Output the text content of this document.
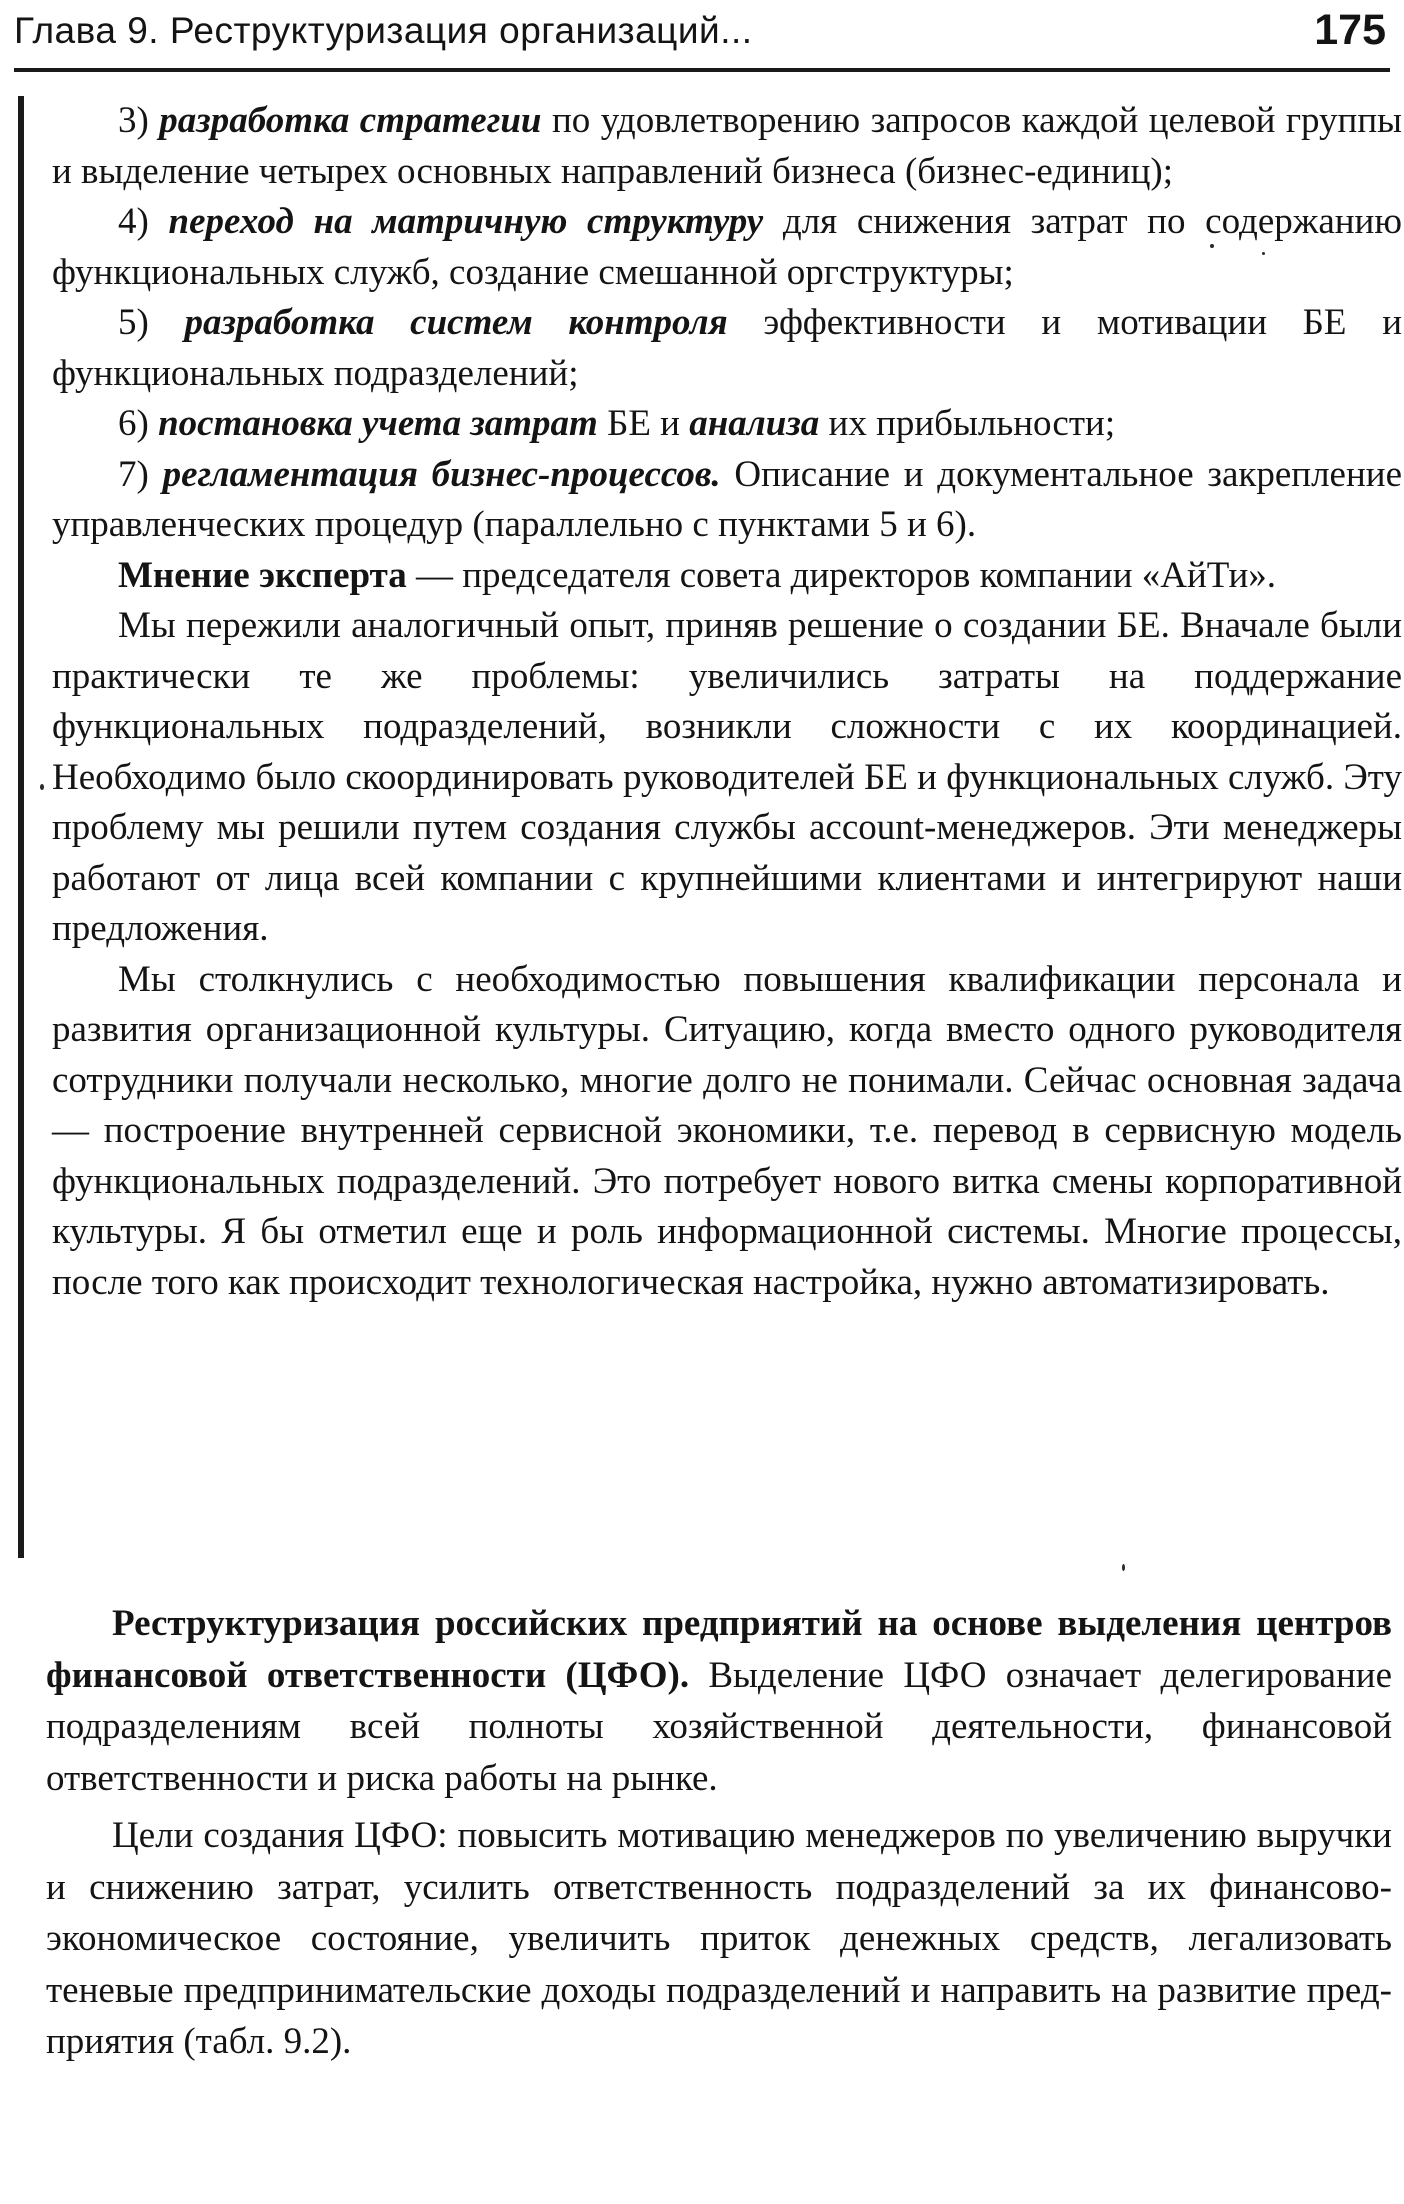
Глава 9. Реструктуризация организаций...	175

3) разработка стратегии по удовлетворению запросов каждой целевой группы и выделение четырех основных направлений бизнеса (бизнес-единиц);

4) переход на матричную структуру для снижения затрат по содержанию функциональных служб, создание смешанной оргструктуры;

5) разработка систем контроля эффективности и мотивации БЕ и функциональных подразделений;

6) постановка учета затрат БЕ и анализа их прибыльности;

7) регламентация бизнес-процессов. Описание и документальное закрепление управленческих процедур (параллельно с пунктами 5 и 6).

Мнение эксперта — председателя совета директоров компании «АйТи».

Мы пережили аналогичный опыт, приняв решение о создании БЕ. Вначале были практически те же проблемы: увеличились затраты на поддержание функциональных подразделений, возникли сложности с их координацией. Необходимо было скоординировать руководителей БЕ и функциональных служб. Эту проблему мы решили путем создания службы account-менеджеров. Эти менеджеры работают от лица всей компании с крупнейшими клиентами и интегрируют наши предложения.

Мы столкнулись с необходимостью повышения квалификации персонала и развития организационной культуры. Ситуацию, когда вместо одного руководителя сотрудники получали несколько, многие долго не понимали. Сейчас основная задача — построение внутренней сервисной экономики, т.е. перевод в сервисную модель функциональных подразделений. Это потребует нового витка смены корпоративной культуры. Я бы отметил еще и роль информационной системы. Многие процессы, после того как происходит технологическая настройка, нужно автоматизировать.

Реструктуризация российских предприятий на основе выделения центров финансовой ответственности (ЦФО). Выделение ЦФО означает делегирование подразделениям всей полноты хозяйственной деятельности, финансовой ответственности и риска работы на рынке.

Цели создания ЦФО: повысить мотивацию менеджеров по увеличению выручки и снижению затрат, усилить ответственность подразделений за их финансово-экономическое состояние, увеличить приток денежных средств, легализовать теневые предпринимательские доходы подразделений и направить на развитие предприятия (табл. 9.2).
